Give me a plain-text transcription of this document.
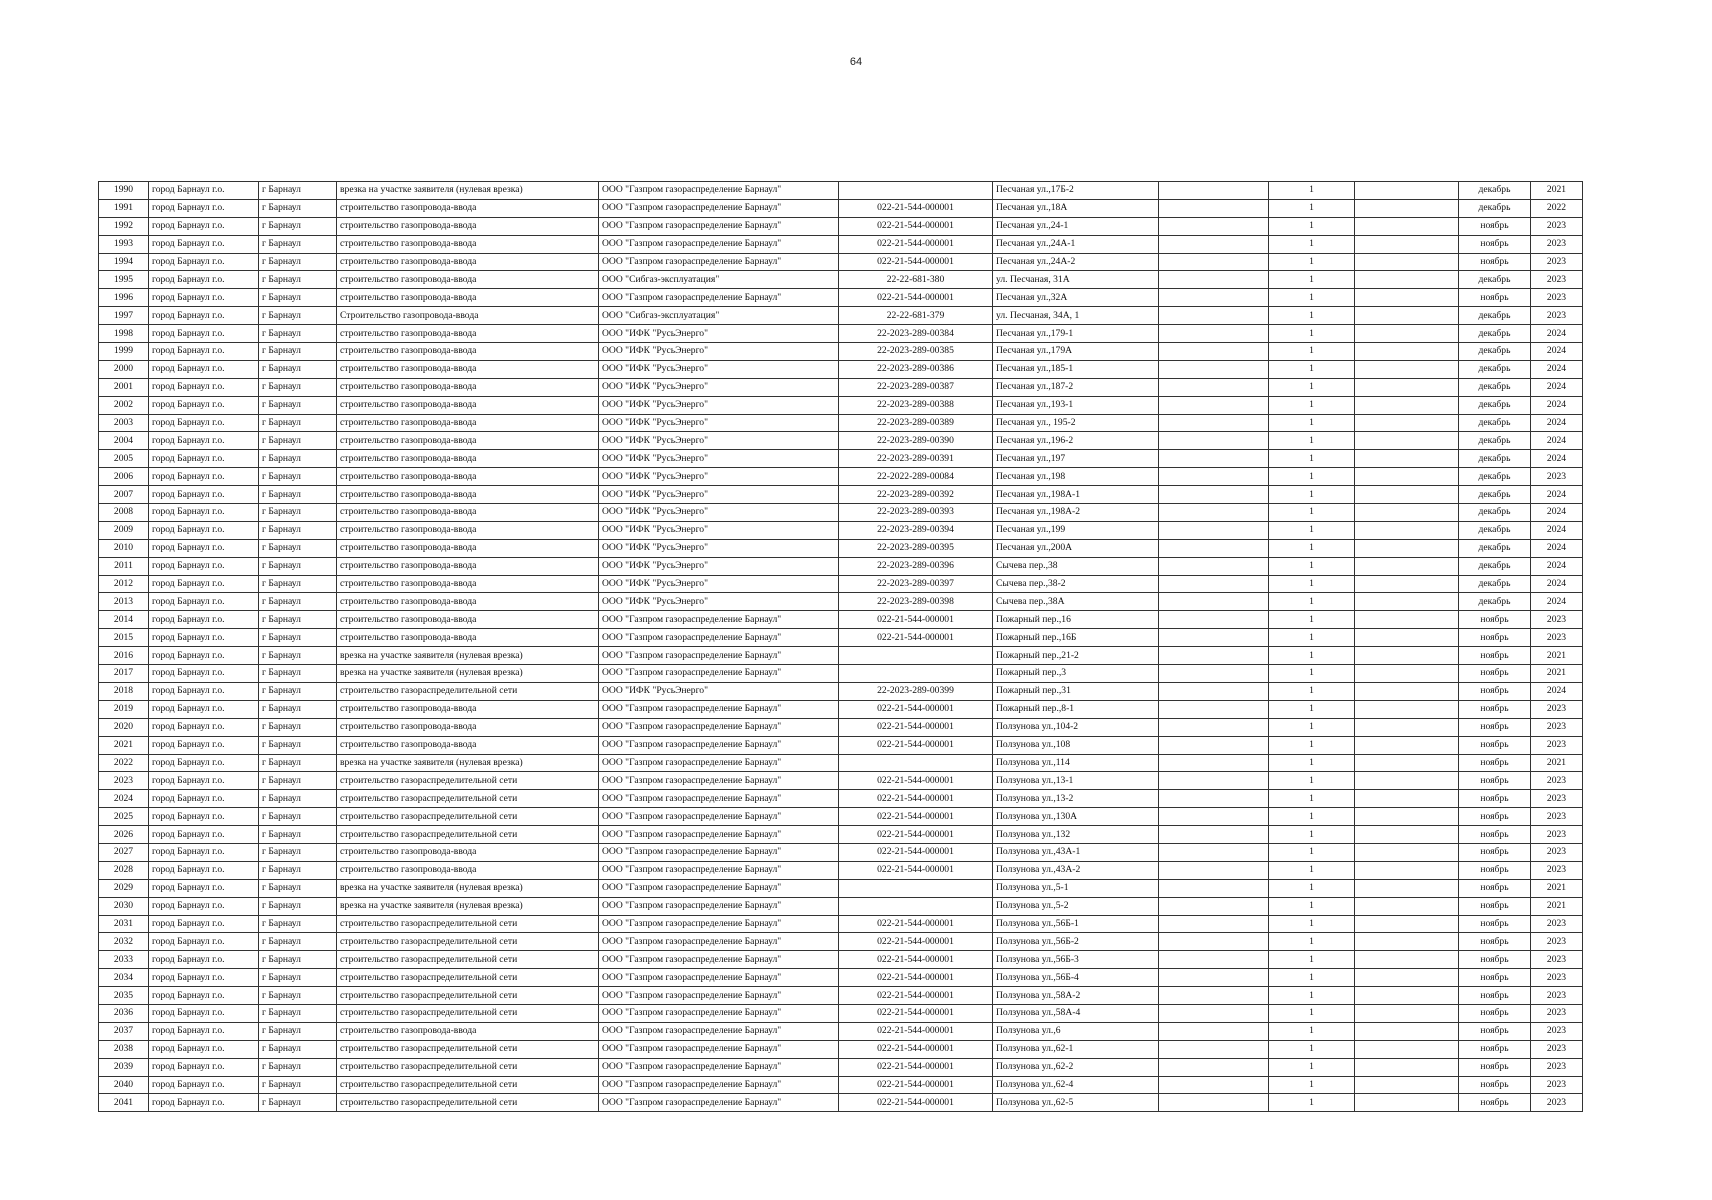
64
1990	город Барнаул г.о.	г Барнаул	врезка на участке заявителя (нулевая врезка)	ООО "Газпром газораспределение Барнаул"		Песчаная ул.,17Б-2		1		декабрь	2021
1991	город Барнаул г.о.	г Барнаул	строительство газопровода-ввода	ООО "Газпром газораспределение Барнаул"	022-21-544-000001	Песчаная ул.,18А		1		декабрь	2022
1992	город Барнаул г.о.	г Барнаул	строительство газопровода-ввода	ООО "Газпром газораспределение Барнаул"	022-21-544-000001	Песчаная ул.,24-1		1		ноябрь	2023
1993	город Барнаул г.о.	г Барнаул	строительство газопровода-ввода	ООО "Газпром газораспределение Барнаул"	022-21-544-000001	Песчаная ул.,24А-1		1		ноябрь	2023
1994	город Барнаул г.о.	г Барнаул	строительство газопровода-ввода	ООО "Газпром газораспределение Барнаул"	022-21-544-000001	Песчаная ул.,24А-2		1		ноябрь	2023
1995	город Барнаул г.о.	г Барнаул	строительство газопровода-ввода	ООО "Сибгаз-эксплуатация"	22-22-681-380	ул. Песчаная, 31А		1		декабрь	2023
1996	город Барнаул г.о.	г Барнаул	строительство газопровода-ввода	ООО "Газпром газораспределение Барнаул"	022-21-544-000001	Песчаная ул.,32А		1		ноябрь	2023
1997	город Барнаул г.о.	г Барнаул	Строительство газопровода-ввода	ООО "Сибгаз-эксплуатация"	22-22-681-379	ул. Песчаная, 34А, 1		1		декабрь	2023
1998	город Барнаул г.о.	г Барнаул	строительство газопровода-ввода	ООО "ИФК "РусьЭнерго"	22-2023-289-00384	Песчаная ул.,179-1		1		декабрь	2024
1999	город Барнаул г.о.	г Барнаул	строительство газопровода-ввода	ООО "ИФК "РусьЭнерго"	22-2023-289-00385	Песчаная ул.,179А		1		декабрь	2024
2000	город Барнаул г.о.	г Барнаул	строительство газопровода-ввода	ООО "ИФК "РусьЭнерго"	22-2023-289-00386	Песчаная ул.,185-1		1		декабрь	2024
2001	город Барнаул г.о.	г Барнаул	строительство газопровода-ввода	ООО "ИФК "РусьЭнерго"	22-2023-289-00387	Песчаная ул.,187-2		1		декабрь	2024
2002	город Барнаул г.о.	г Барнаул	строительство газопровода-ввода	ООО "ИФК "РусьЭнерго"	22-2023-289-00388	Песчаная ул.,193-1		1		декабрь	2024
2003	город Барнаул г.о.	г Барнаул	строительство газопровода-ввода	ООО "ИФК "РусьЭнерго"	22-2023-289-00389	Песчаная ул., 195-2		1		декабрь	2024
2004	город Барнаул г.о.	г Барнаул	строительство газопровода-ввода	ООО "ИФК "РусьЭнерго"	22-2023-289-00390	Песчаная ул.,196-2		1		декабрь	2024
2005	город Барнаул г.о.	г Барнаул	строительство газопровода-ввода	ООО "ИФК "РусьЭнерго"	22-2023-289-00391	Песчаная ул.,197		1		декабрь	2024
2006	город Барнаул г.о.	г Барнаул	строительство газопровода-ввода	ООО "ИФК "РусьЭнерго"	22-2022-289-00084	Песчаная ул.,198		1		декабрь	2023
2007	город Барнаул г.о.	г Барнаул	строительство газопровода-ввода	ООО "ИФК "РусьЭнерго"	22-2023-289-00392	Песчаная ул.,198А-1		1		декабрь	2024
2008	город Барнаул г.о.	г Барнаул	строительство газопровода-ввода	ООО "ИФК "РусьЭнерго"	22-2023-289-00393	Песчаная ул.,198А-2		1		декабрь	2024
2009	город Барнаул г.о.	г Барнаул	строительство газопровода-ввода	ООО "ИФК "РусьЭнерго"	22-2023-289-00394	Песчаная ул.,199		1		декабрь	2024
2010	город Барнаул г.о.	г Барнаул	строительство газопровода-ввода	ООО "ИФК "РусьЭнерго"	22-2023-289-00395	Песчаная ул.,200А		1		декабрь	2024
2011	город Барнаул г.о.	г Барнаул	строительство газопровода-ввода	ООО "ИФК "РусьЭнерго"	22-2023-289-00396	Сычева пер.,38		1		декабрь	2024
2012	город Барнаул г.о.	г Барнаул	строительство газопровода-ввода	ООО "ИФК "РусьЭнерго"	22-2023-289-00397	Сычева пер.,38-2		1		декабрь	2024
2013	город Барнаул г.о.	г Барнаул	строительство газопровода-ввода	ООО "ИФК "РусьЭнерго"	22-2023-289-00398	Сычева пер.,38А		1		декабрь	2024
2014	город Барнаул г.о.	г Барнаул	строительство газопровода-ввода	ООО "Газпром газораспределение Барнаул"	022-21-544-000001	Пожарный пер.,16		1		ноябрь	2023
2015	город Барнаул г.о.	г Барнаул	строительство газопровода-ввода	ООО "Газпром газораспределение Барнаул"	022-21-544-000001	Пожарный пер.,16Б		1		ноябрь	2023
2016	город Барнаул г.о.	г Барнаул	врезка на участке заявителя (нулевая врезка)	ООО "Газпром газораспределение Барнаул"		Пожарный пер.,21-2		1		ноябрь	2021
2017	город Барнаул г.о.	г Барнаул	врезка на участке заявителя (нулевая врезка)	ООО "Газпром газораспределение Барнаул"		Пожарный пер.,3		1		ноябрь	2021
2018	город Барнаул г.о.	г Барнаул	строительство газораспределительной сети	ООО "ИФК "РусьЭнерго"	22-2023-289-00399	Пожарный пер.,31		1		ноябрь	2024
2019	город Барнаул г.о.	г Барнаул	строительство газопровода-ввода	ООО "Газпром газораспределение Барнаул"	022-21-544-000001	Пожарный пер.,8-1		1		ноябрь	2023
2020	город Барнаул г.о.	г Барнаул	строительство газопровода-ввода	ООО "Газпром газораспределение Барнаул"	022-21-544-000001	Ползунова ул.,104-2		1		ноябрь	2023
2021	город Барнаул г.о.	г Барнаул	строительство газопровода-ввода	ООО "Газпром газораспределение Барнаул"	022-21-544-000001	Ползунова ул.,108		1		ноябрь	2023
2022	город Барнаул г.о.	г Барнаул	врезка на участке заявителя (нулевая врезка)	ООО "Газпром газораспределение Барнаул"		Ползунова ул.,114		1		ноябрь	2021
2023	город Барнаул г.о.	г Барнаул	строительство газораспределительной сети	ООО "Газпром газораспределение Барнаул"	022-21-544-000001	Ползунова ул.,13-1		1		ноябрь	2023
2024	город Барнаул г.о.	г Барнаул	строительство газораспределительной сети	ООО "Газпром газораспределение Барнаул"	022-21-544-000001	Ползунова ул.,13-2		1		ноябрь	2023
2025	город Барнаул г.о.	г Барнаул	строительство газораспределительной сети	ООО "Газпром газораспределение Барнаул"	022-21-544-000001	Ползунова ул.,130А		1		ноябрь	2023
2026	город Барнаул г.о.	г Барнаул	строительство газораспределительной сети	ООО "Газпром газораспределение Барнаул"	022-21-544-000001	Ползунова ул.,132		1		ноябрь	2023
2027	город Барнаул г.о.	г Барнаул	строительство газопровода-ввода	ООО "Газпром газораспределение Барнаул"	022-21-544-000001	Ползунова ул.,43А-1		1		ноябрь	2023
2028	город Барнаул г.о.	г Барнаул	строительство газопровода-ввода	ООО "Газпром газораспределение Барнаул"	022-21-544-000001	Ползунова ул.,43А-2		1		ноябрь	2023
2029	город Барнаул г.о.	г Барнаул	врезка на участке заявителя (нулевая врезка)	ООО "Газпром газораспределение Барнаул"		Ползунова ул.,5-1		1		ноябрь	2021
2030	город Барнаул г.о.	г Барнаул	врезка на участке заявителя (нулевая врезка)	ООО "Газпром газораспределение Барнаул"		Ползунова ул.,5-2		1		ноябрь	2021
2031	город Барнаул г.о.	г Барнаул	строительство газораспределительной сети	ООО "Газпром газораспределение Барнаул"	022-21-544-000001	Ползунова ул.,56Б-1		1		ноябрь	2023
2032	город Барнаул г.о.	г Барнаул	строительство газораспределительной сети	ООО "Газпром газораспределение Барнаул"	022-21-544-000001	Ползунова ул.,56Б-2		1		ноябрь	2023
2033	город Барнаул г.о.	г Барнаул	строительство газораспределительной сети	ООО "Газпром газораспределение Барнаул"	022-21-544-000001	Ползунова ул.,56Б-3		1		ноябрь	2023
2034	город Барнаул г.о.	г Барнаул	строительство газораспределительной сети	ООО "Газпром газораспределение Барнаул"	022-21-544-000001	Ползунова ул.,56Б-4		1		ноябрь	2023
2035	город Барнаул г.о.	г Барнаул	строительство газораспределительной сети	ООО "Газпром газораспределение Барнаул"	022-21-544-000001	Ползунова ул.,58А-2		1		ноябрь	2023
2036	город Барнаул г.о.	г Барнаул	строительство газораспределительной сети	ООО "Газпром газораспределение Барнаул"	022-21-544-000001	Ползунова ул.,58А-4		1		ноябрь	2023
2037	город Барнаул г.о.	г Барнаул	строительство газопровода-ввода	ООО "Газпром газораспределение Барнаул"	022-21-544-000001	Ползунова ул.,6		1		ноябрь	2023
2038	город Барнаул г.о.	г Барнаул	строительство газораспределительной сети	ООО "Газпром газораспределение Барнаул"	022-21-544-000001	Ползунова ул.,62-1		1		ноябрь	2023
2039	город Барнаул г.о.	г Барнаул	строительство газораспределительной сети	ООО "Газпром газораспределение Барнаул"	022-21-544-000001	Ползунова ул.,62-2		1		ноябрь	2023
2040	город Барнаул г.о.	г Барнаул	строительство газораспределительной сети	ООО "Газпром газораспределение Барнаул"	022-21-544-000001	Ползунова ул.,62-4		1		ноябрь	2023
2041	город Барнаул г.о.	г Барнаул	строительство газораспределительной сети	ООО "Газпром газораспределение Барнаул"	022-21-544-000001	Ползунова ул.,62-5		1		ноябрь	2023
